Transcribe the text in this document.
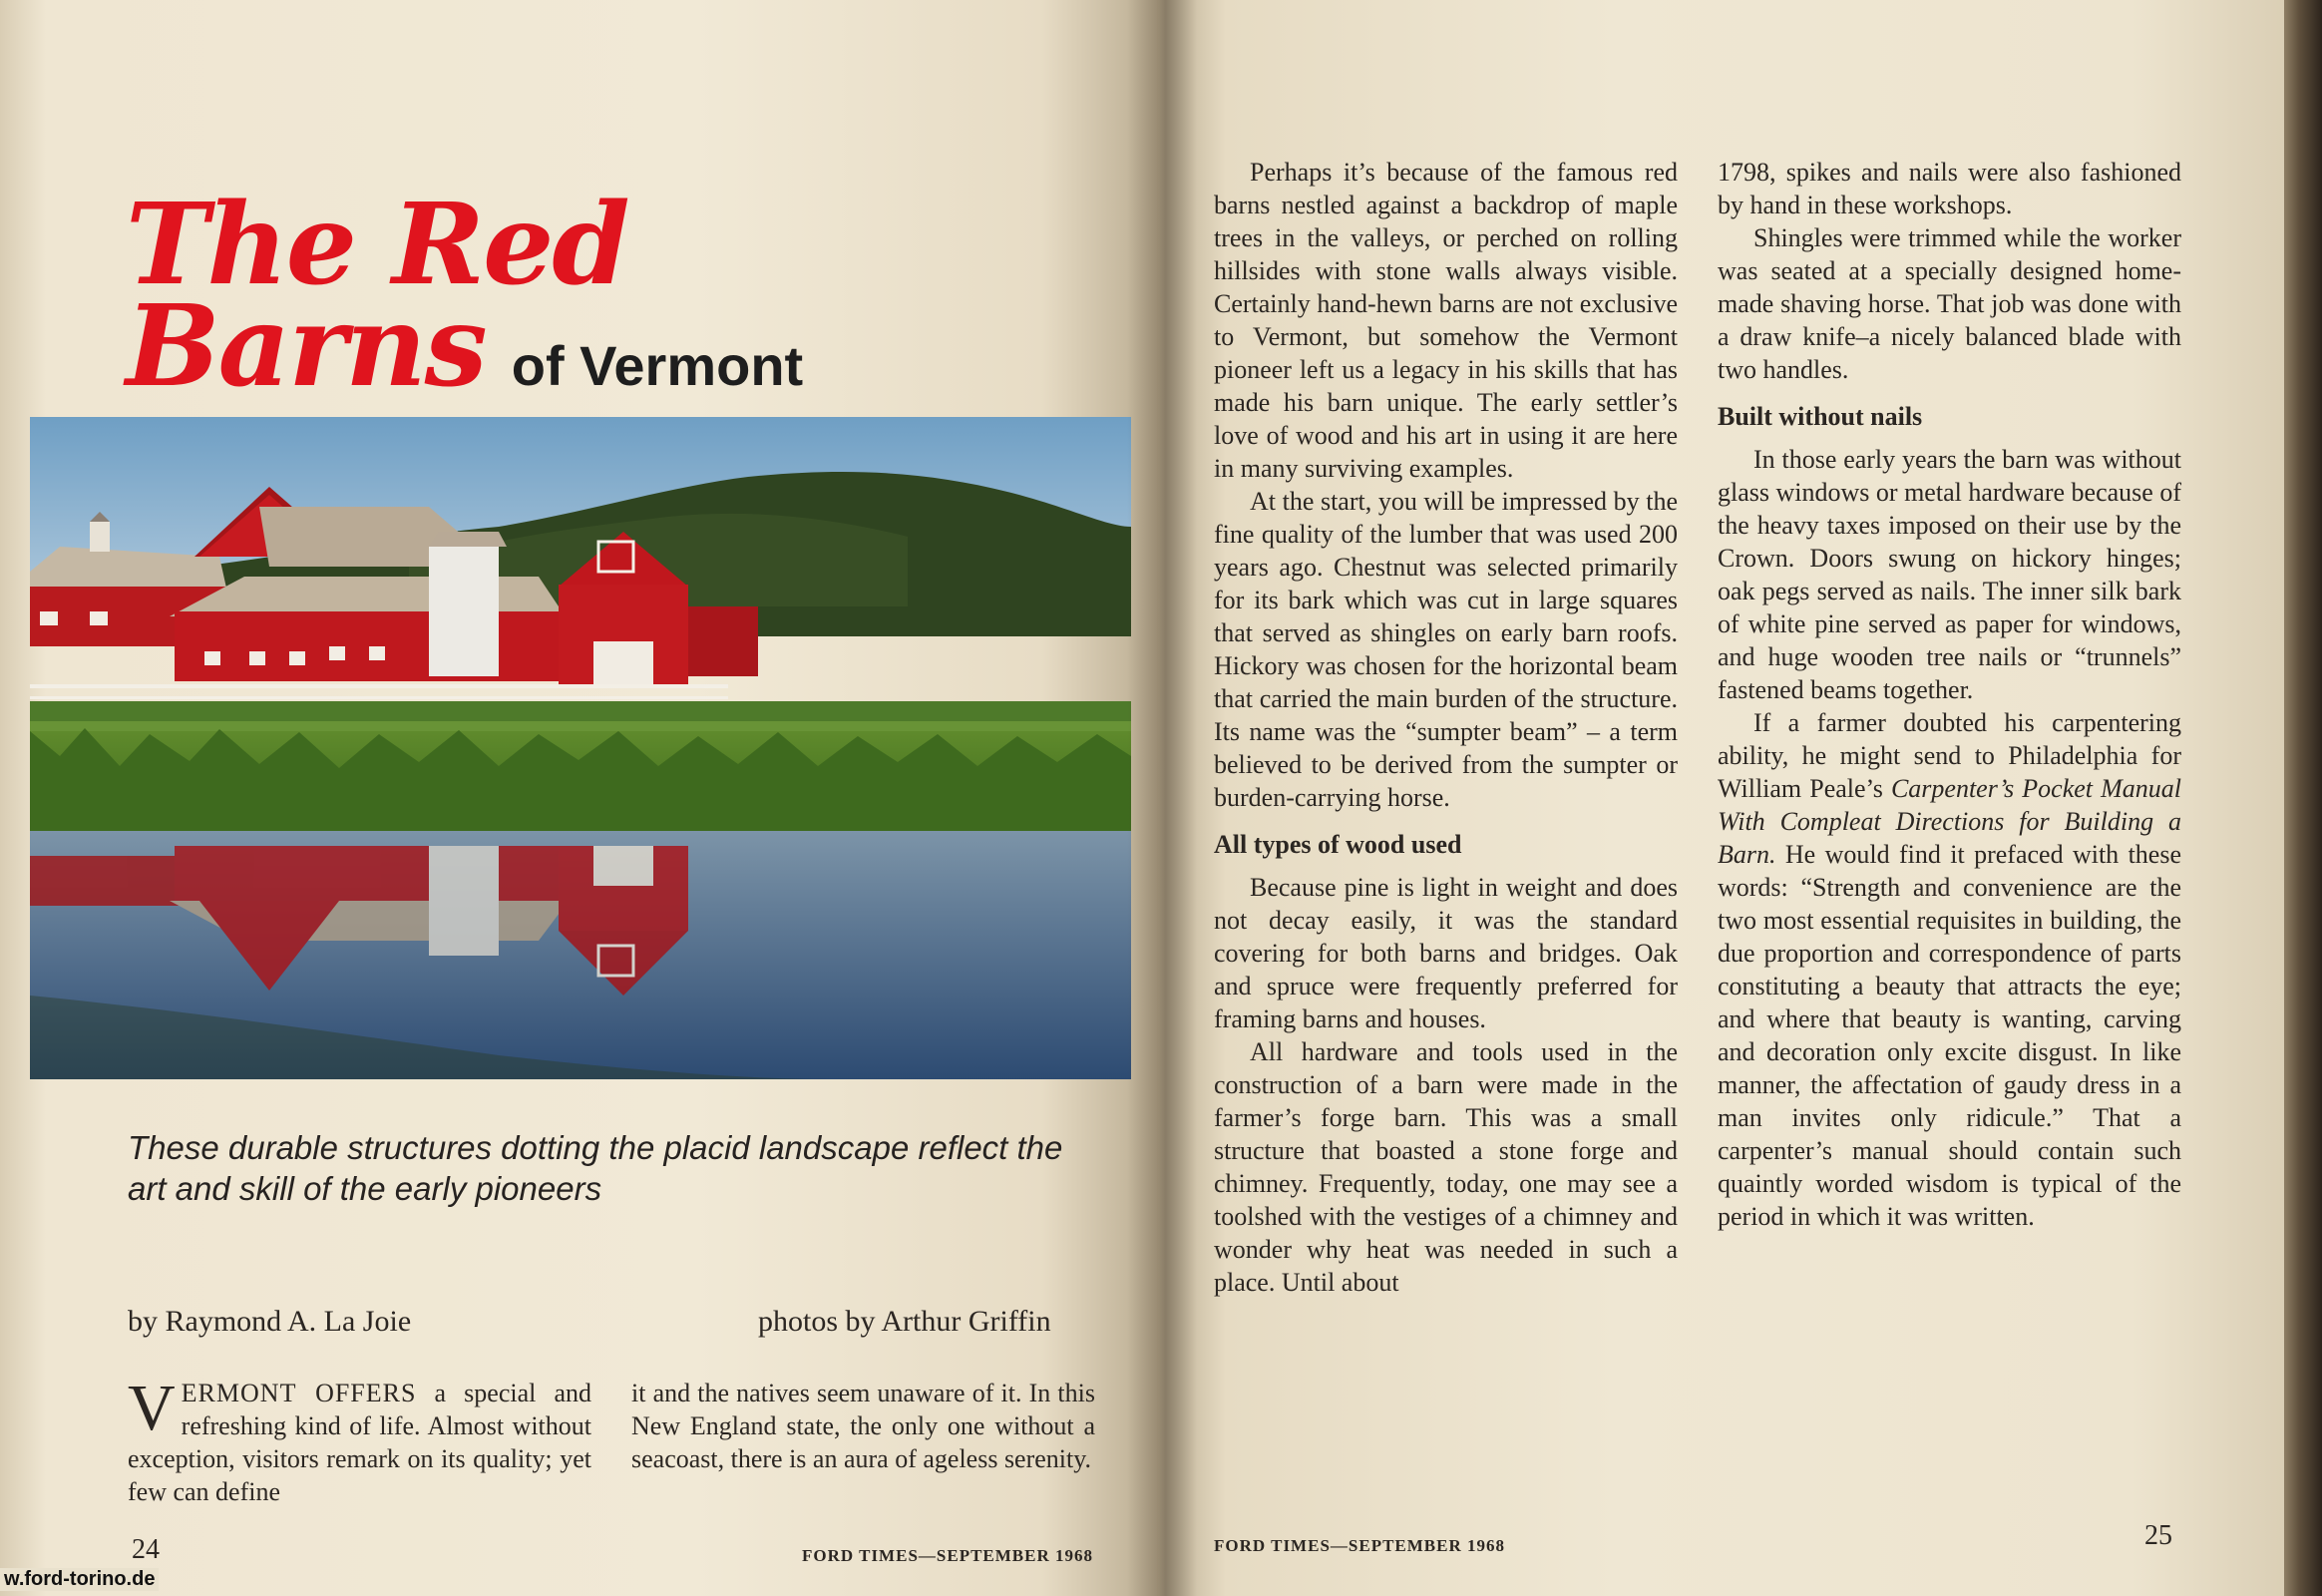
The Red
Barns of Vermont
These durable structures dotting the placid landscape reflect the art and skill of the early pioneers
by Raymond A. La Joie	photos by Arthur Griffin

VERMONT OFFERS a special and refreshing kind of life. Almost without exception, visitors remark on its quality; yet few can define

it and the natives seem unaware of it. In this New England state, the only one without a seacoast, there is an aura of ageless serenity.

24	FORD TIMES—SEPTEMBER 1968
w.ford-torino.de

Perhaps it’s because of the famous red barns nestled against a backdrop of maple trees in the valleys, or perched on rolling hillsides with stone walls always visible. Certainly hand-hewn barns are not exclusive to Vermont, but somehow the Vermont pioneer left us a legacy in his skills that has made his barn unique. The early settler’s love of wood and his art in using it are here in many surviving examples.

At the start, you will be impressed by the fine quality of the lumber that was used 200 years ago. Chestnut was selected primarily for its bark which was cut in large squares that served as shingles on early barn roofs. Hickory was chosen for the horizontal beam that carried the main burden of the structure. Its name was the “sumpter beam” – a term believed to be derived from the sumpter or burden-carrying horse.

All types of wood used

Because pine is light in weight and does not decay easily, it was the standard covering for both barns and bridges. Oak and spruce were frequently preferred for framing barns and houses.

All hardware and tools used in the construction of a barn were made in the farmer’s forge barn. This was a small structure that boasted a stone forge and chimney. Frequently, today, one may see a toolshed with the vestiges of a chimney and wonder why heat was needed in such a place. Until about

1798, spikes and nails were also fashioned by hand in these workshops.

Shingles were trimmed while the worker was seated at a specially designed home-made shaving horse. That job was done with a draw knife–a nicely balanced blade with two handles.

Built without nails

In those early years the barn was without glass windows or metal hardware because of the heavy taxes imposed on their use by the Crown. Doors swung on hickory hinges; oak pegs served as nails. The inner silk bark of white pine served as paper for windows, and huge wooden tree nails or “trunnels” fastened beams together.

If a farmer doubted his carpentering ability, he might send to Philadelphia for William Peale’s Carpenter’s Pocket Manual With Compleat Directions for Building a Barn. He would find it prefaced with these words: “Strength and convenience are the two most essential requisites in building, the due proportion and correspondence of parts constituting a beauty that attracts the eye; and where that beauty is wanting, carving and decoration only excite disgust. In like manner, the affectation of gaudy dress in a man invites only ridicule.” That a carpenter’s manual should contain such quaintly worded wisdom is typical of the period in which it was written.

FORD TIMES—SEPTEMBER 1968	25
